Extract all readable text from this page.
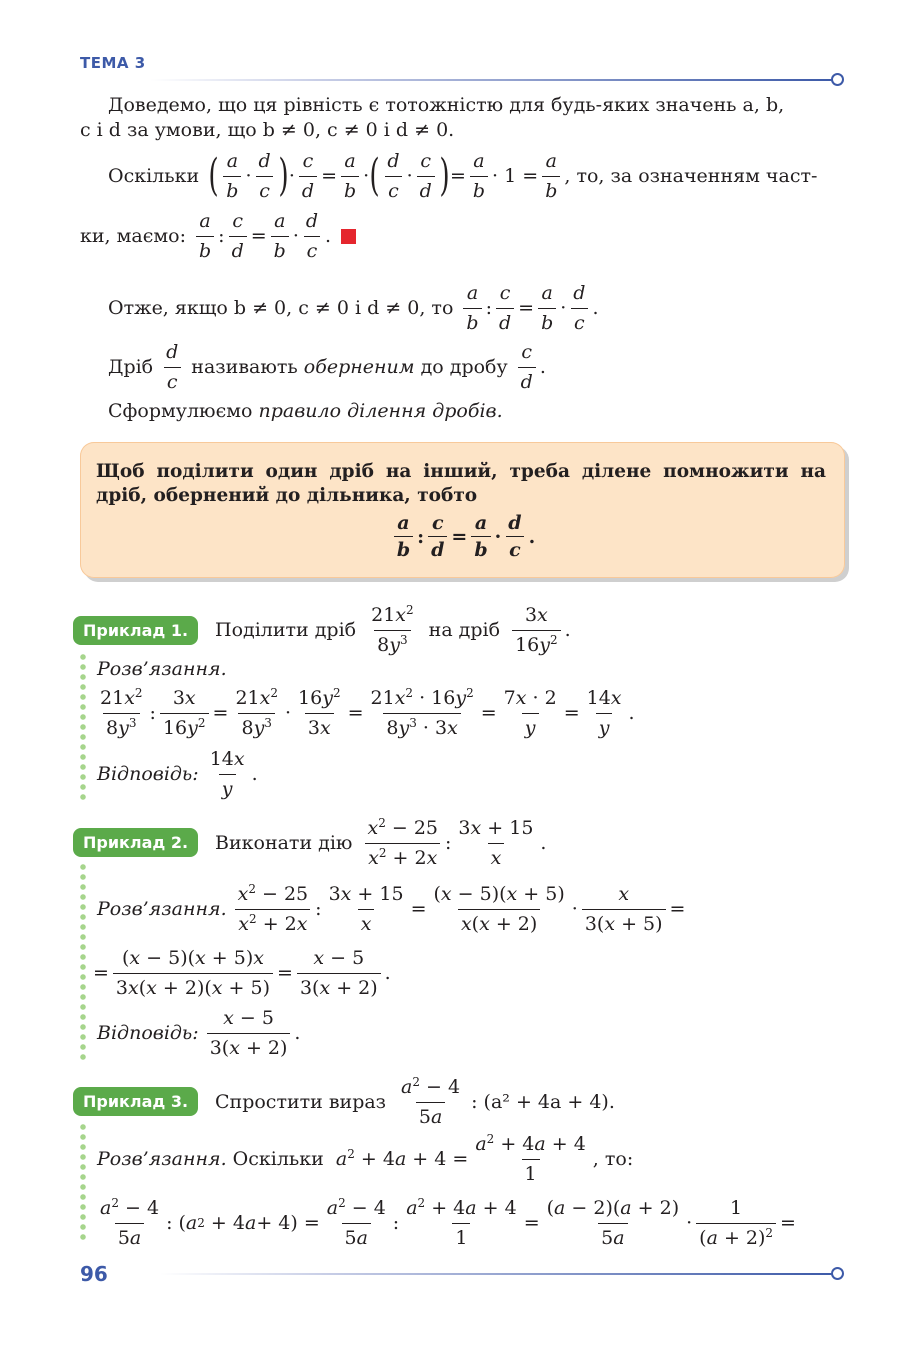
ТЕМА 3
Доведемо, що ця рівність є тотожністю для будь-яких значень a, b,
c і d за умови, що b ≠ 0, c ≠ 0 і d ≠ 0.
Оскільки ( a
b
·
d
c ) ·
c
d
=
a
b
· ( d
c
·
c
d ) =
a
b
· 1 =
a
b
, то, за означенням част-
ки, маємо:
a
b
:
c
d
=
a
b
·
d
c
.
Отже, якщо b ≠ 0, c ≠ 0 і d ≠ 0, то
a
b
:
c
d
=
a
b
·
d
c
.
Дріб
d
c
називають
оберненим
до дробу
c
d
.
Сформулюємо правило ділення дробів.
Щоб поділити один дріб на інший, треба ділене помножити на дріб, обернений до дільника, тобто
a
b
:
c
d
=
a
b
·
d
c
.
Приклад 1.	Поділити дріб
$21x^2$
$8y^3$ на дріб
3x
$16y^2$ .
Розв’язання.
$21x^2$
$8y^3$ :
3x
$16y^2$ =
$21x^2$
$8y^3$ ·
$16y^2$
3x
=
$21x^2 \cdot 16y^2$
$8y^3 \cdot 3x$
=
7x · 2
y
=
14x
y
.
Відповідь:
14x
y
.
Приклад 2.	Виконати дію
$x^2 - 25$
$x^2 + 2x$
:
3x + 15
x
.
Розв’язання.
$x^2 - 25$
$x^2 + 2x$
:
3x + 15
x
=
(x − 5)(x + 5)
x(x + 2)
·
x
3(x + 5)
=
=
(x − 5)(x + 5)x
3x(x + 2)(x + 5)
=
x − 5
3(x + 2)
.
Відповідь:
x − 5
3(x + 2)
.
Приклад 3.	Спростити вираз
$a^2 - 4$
5a
: (a² + 4a + 4).
Розв’язання.
Оскільки
$a^2 + 4a + 4 = \frac{a^2 + 4a + 4}{1}$ , то:
$a^2 - 4$
5a
: ( a 2 + 4 a + 4) =
$a^2 - 4$
5a
:
$a^2 + 4a + 4$
1
=
(a − 2)(a + 2)
5a
·
1
$(a + 2)^2$ =
96
